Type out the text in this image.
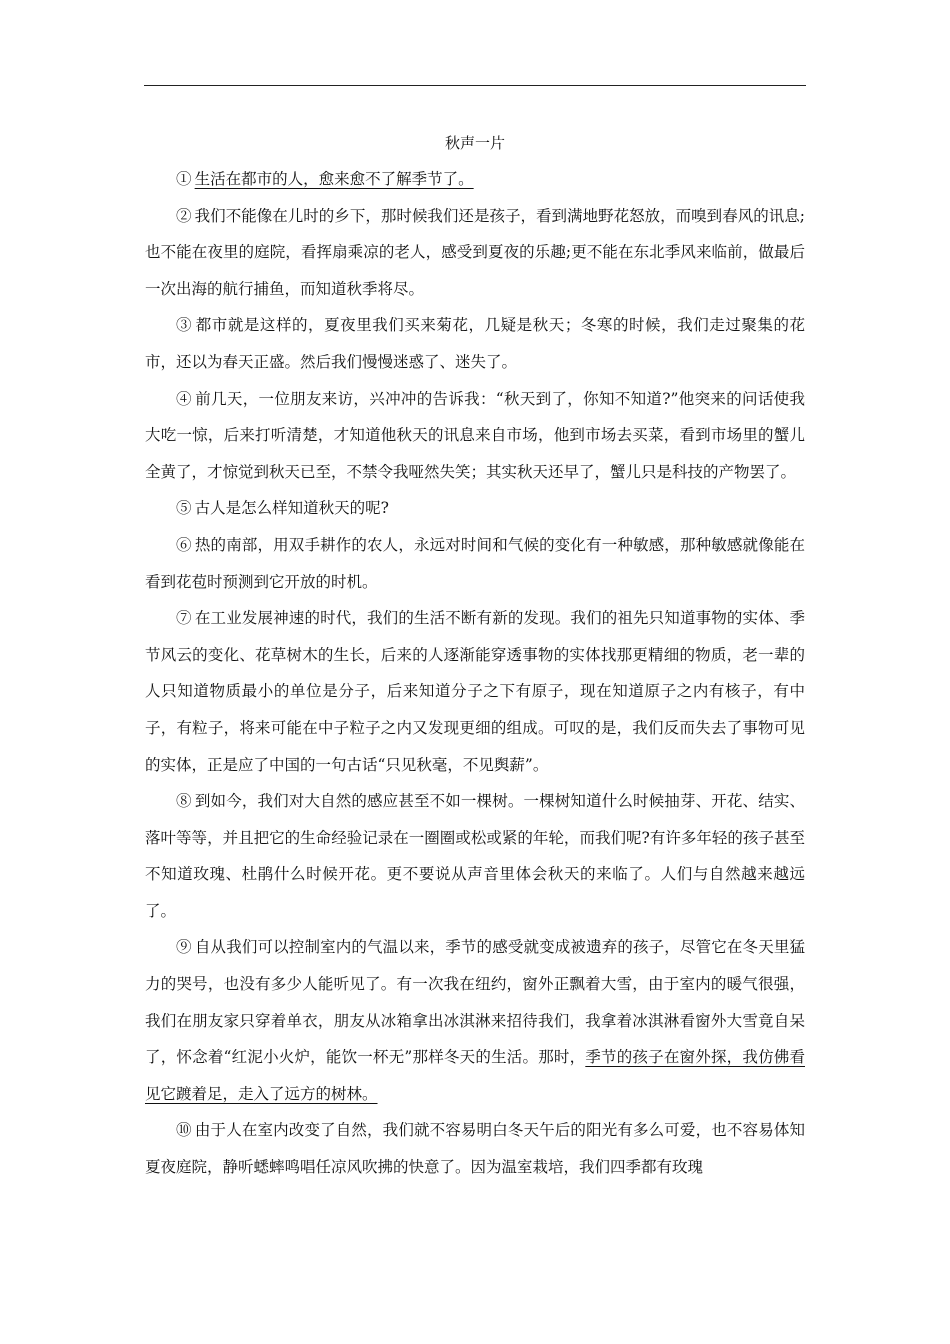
秋声一片

①  生活在都市的人，愈来愈不了解季节了。

②  我们不能像在儿时的乡下，那时候我们还是孩子，看到满地野花怒放，而嗅到春风的讯息;也不能在夜里的庭院，看挥扇乘凉的老人，感受到夏夜的乐趣;更不能在东北季风来临前，做最后一次出海的航行捕鱼，而知道秋季将尽。

③  都市就是这样的，夏夜里我们买来菊花，几疑是秋天；冬寒的时候，我们走过聚集的花市，还以为春天正盛。然后我们慢慢迷惑了、迷失了。

④  前几天，一位朋友来访，兴冲冲的告诉我：“秋天到了，你知不知道?”他突来的问话使我大吃一惊，后来打听清楚，才知道他秋天的讯息来自市场，他到市场去买菜，看到市场里的蟹儿全黄了，才惊觉到秋天已至，不禁令我哑然失笑；其实秋天还早了，蟹儿只是科技的产物罢了。

⑤  古人是怎么样知道秋天的呢?

⑥  热的南部，用双手耕作的农人，永远对时间和气候的变化有一种敏感，那种敏感就像能在看到花苞时预测到它开放的时机。

⑦  在工业发展神速的时代，我们的生活不断有新的发现。我们的祖先只知道事物的实体、季节风云的变化、花草树木的生长，后来的人逐渐能穿透事物的实体找那更精细的物质，老一辈的人只知道物质最小的单位是分子，后来知道分子之下有原子，现在知道原子之内有核子，有中子，有粒子，将来可能在中子粒子之内又发现更细的组成。可叹的是，我们反而失去了事物可见的实体，正是应了中国的一句古话“只见秋毫，不见舆薪”。

⑧  到如今，我们对大自然的感应甚至不如一棵树。一棵树知道什么时候抽芽、开花、结实、落叶等等，并且把它的生命经验记录在一圈圈或松或紧的年轮，而我们呢?有许多年轻的孩子甚至不知道玫瑰、杜鹃什么时候开花。更不要说从声音里体会秋天的来临了。人们与自然越来越远了。

⑨  自从我们可以控制室内的气温以来，季节的感受就变成被遗弃的孩子，尽管它在冬天里猛力的哭号，也没有多少人能听见了。有一次我在纽约，窗外正飘着大雪，由于室内的暖气很强，我们在朋友家只穿着单衣，朋友从冰箱拿出冰淇淋来招待我们，我拿着冰淇淋看窗外大雪竟自呆了，怀念着“红泥小火炉，能饮一杯无”那样冬天的生活。那时，季节的孩子在窗外探，我仿佛看见它踱着足，走入了远方的树林。

⑩  由于人在室内改变了自然，我们就不容易明白冬天午后的阳光有多么可爱，也不容易体知夏夜庭院，静听蟋蟀鸣唱任凉风吹拂的快意了。因为温室栽培，我们四季都有玫瑰
